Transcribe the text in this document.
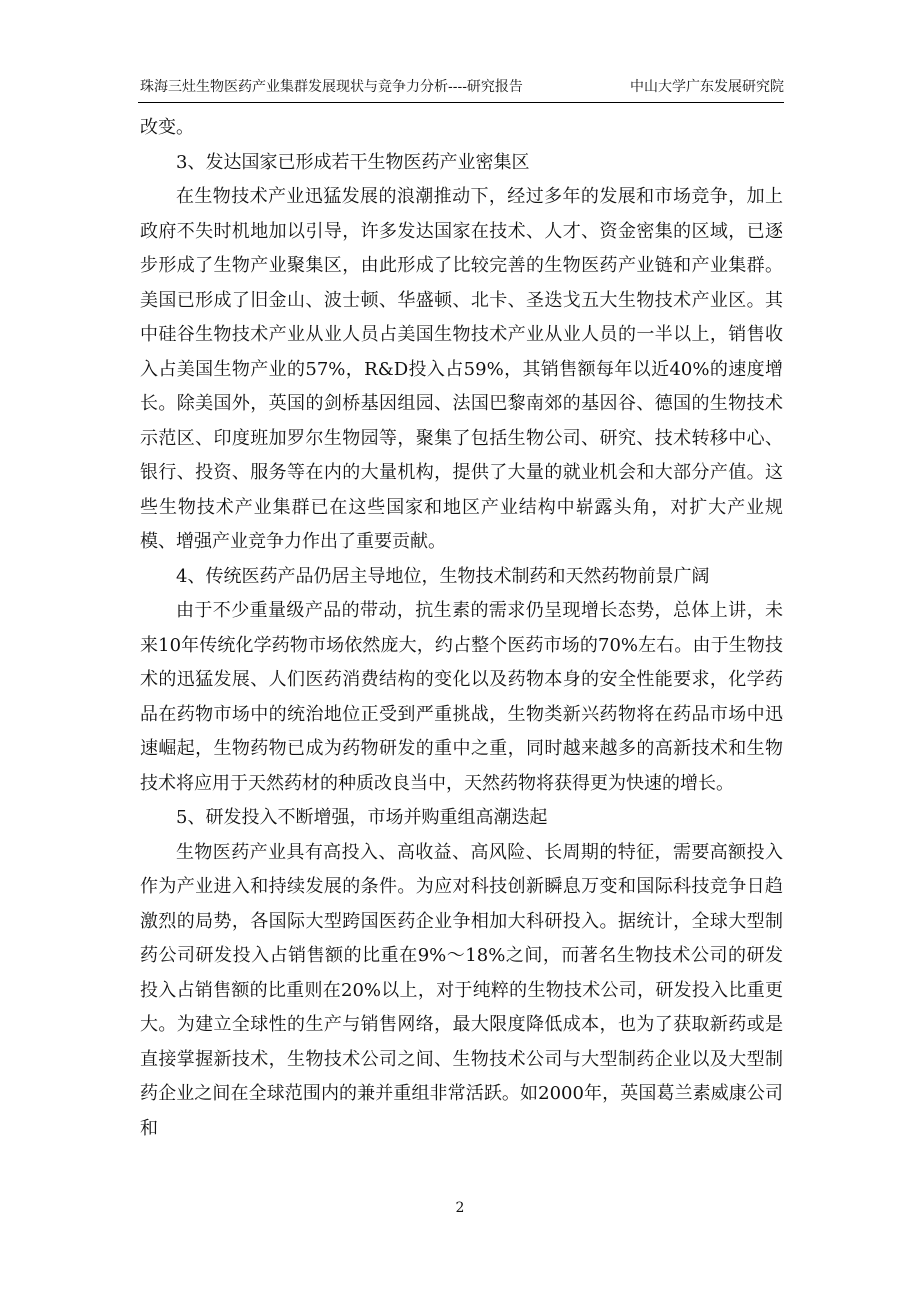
珠海三灶生物医药产业集群发展现状与竞争力分析----研究报告	中山大学广东发展研究院

改变。

3、发达国家已形成若干生物医药产业密集区

在生物技术产业迅猛发展的浪潮推动下，经过多年的发展和市场竞争，加上政府不失时机地加以引导，许多发达国家在技术、人才、资金密集的区域，已逐步形成了生物产业聚集区，由此形成了比较完善的生物医药产业链和产业集群。美国已形成了旧金山、波士顿、华盛顿、北卡、圣迭戈五大生物技术产业区。其中硅谷生物技术产业从业人员占美国生物技术产业从业人员的一半以上，销售收入占美国生物产业的57%，R&D投入占59%，其销售额每年以近40%的速度增长。除美国外，英国的剑桥基因组园、法国巴黎南郊的基因谷、德国的生物技术示范区、印度班加罗尔生物园等，聚集了包括生物公司、研究、技术转移中心、银行、投资、服务等在内的大量机构，提供了大量的就业机会和大部分产值。这些生物技术产业集群已在这些国家和地区产业结构中崭露头角，对扩大产业规模、增强产业竞争力作出了重要贡献。

4、传统医药产品仍居主导地位，生物技术制药和天然药物前景广阔

由于不少重量级产品的带动，抗生素的需求仍呈现增长态势，总体上讲，未来10年传统化学药物市场依然庞大，约占整个医药市场的70%左右。由于生物技术的迅猛发展、人们医药消费结构的变化以及药物本身的安全性能要求，化学药品在药物市场中的统治地位正受到严重挑战，生物类新兴药物将在药品市场中迅速崛起，生物药物已成为药物研发的重中之重，同时越来越多的高新技术和生物技术将应用于天然药材的种质改良当中，天然药物将获得更为快速的增长。

5、研发投入不断增强，市场并购重组高潮迭起

生物医药产业具有高投入、高收益、高风险、长周期的特征，需要高额投入作为产业进入和持续发展的条件。为应对科技创新瞬息万变和国际科技竞争日趋激烈的局势，各国际大型跨国医药企业争相加大科研投入。据统计，全球大型制药公司研发投入占销售额的比重在9%～18%之间，而著名生物技术公司的研发投入占销售额的比重则在20%以上，对于纯粹的生物技术公司，研发投入比重更大。为建立全球性的生产与销售网络，最大限度降低成本，也为了获取新药或是直接掌握新技术，生物技术公司之间、生物技术公司与大型制药企业以及大型制药企业之间在全球范围内的兼并重组非常活跃。如2000年，英国葛兰素威康公司和

2
